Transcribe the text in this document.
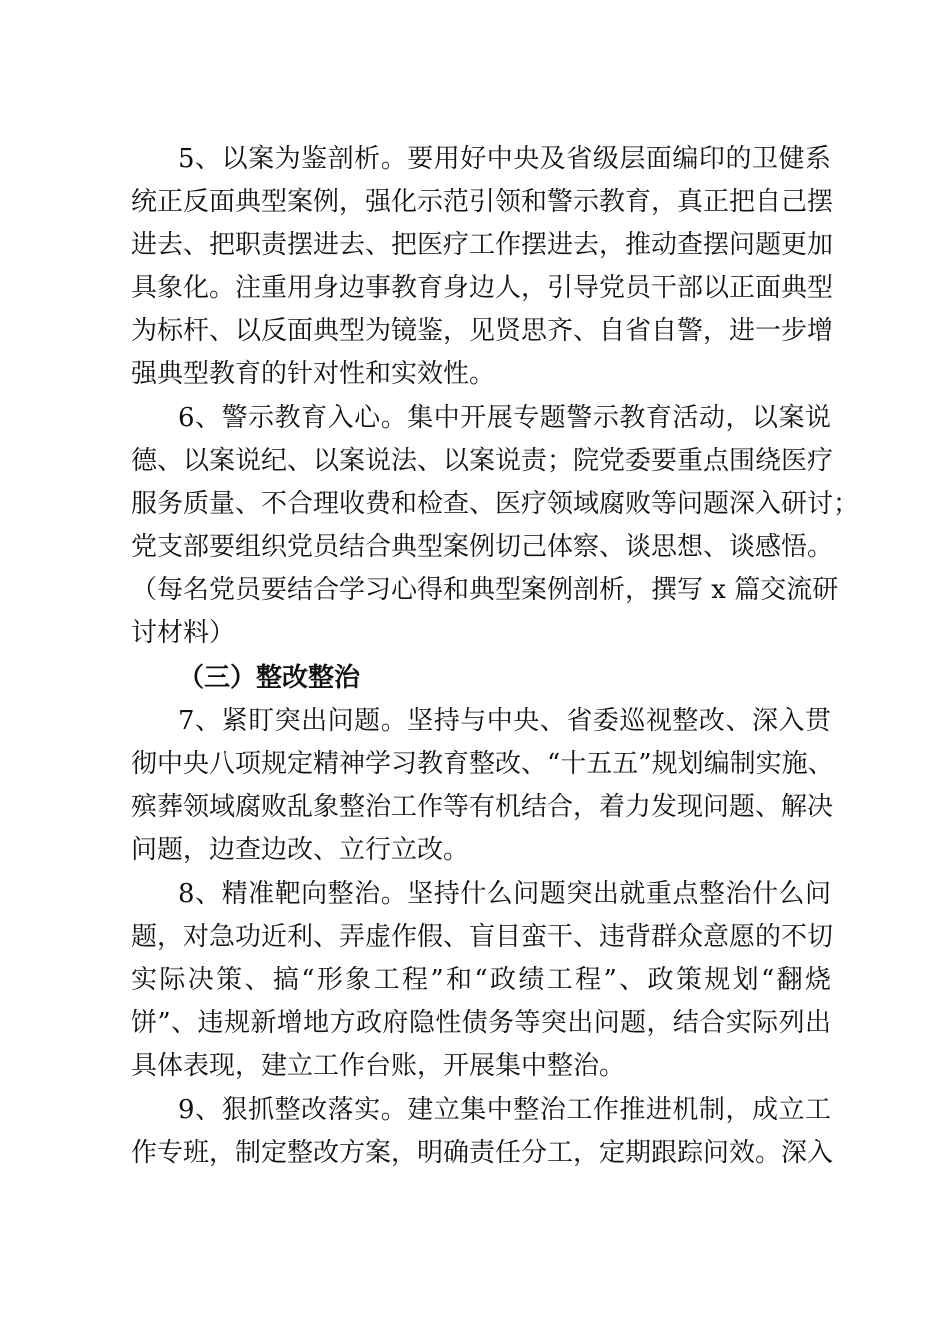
5、以案为鉴剖析。要用好中央及省级层面编印的卫健系
统正反面典型案例，强化示范引领和警示教育，真正把自己摆
进去、把职责摆进去、把医疗工作摆进去，推动查摆问题更加
具象化。注重用身边事教育身边人，引导党员干部以正面典型
为标杆、以反面典型为镜鉴，见贤思齐、自省自警，进一步增
强典型教育的针对性和实效性。
6、警示教育入心。集中开展专题警示教育活动，以案说
德、以案说纪、以案说法、以案说责；院党委要重点围绕医疗
服务质量、不合理收费和检查、医疗领域腐败等问题深入研讨；
党支部要组织党员结合典型案例切己体察、谈思想、谈感悟。
（每名党员要结合学习心得和典型案例剖析，撰写 x 篇交流研
讨材料）
（三）整改整治
7、紧盯突出问题。坚持与中央、省委巡视整改、深入贯
彻中央八项规定精神学习教育整改、“十五五”规划编制实施、
殡葬领域腐败乱象整治工作等有机结合，着力发现问题、解决
问题，边查边改、立行立改。
8、精准靶向整治。坚持什么问题突出就重点整治什么问
题，对急功近利、弄虚作假、盲目蛮干、违背群众意愿的不切
实际决策、搞“形象工程”和“政绩工程”、政策规划“翻烧
饼”、违规新增地方政府隐性债务等突出问题，结合实际列出
具体表现，建立工作台账，开展集中整治。
9、狠抓整改落实。建立集中整治工作推进机制，成立工
作专班，制定整改方案，明确责任分工，定期跟踪问效。深入
